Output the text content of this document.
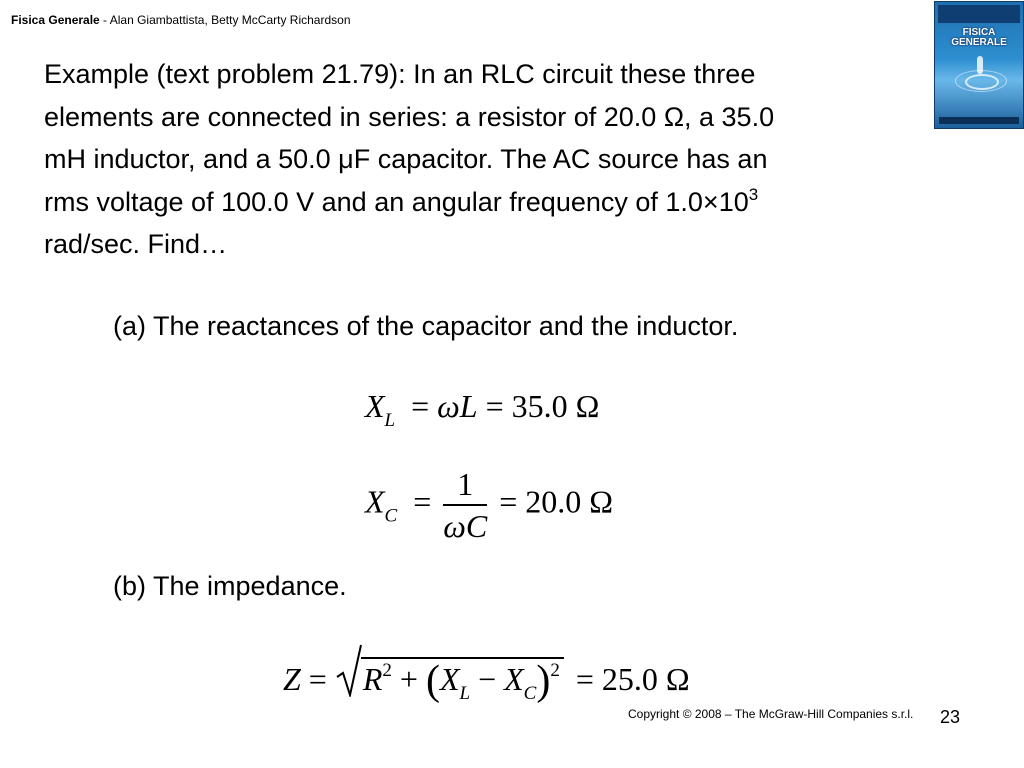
Fisica Generale - Alan Giambattista, Betty McCarty Richardson
FISICA
GENERALE
Example (text problem 21.79): In an RLC circuit these three
elements are connected in series: a resistor of 20.0 Ω, a 35.0
mH inductor, and a 50.0 μF capacitor. The AC source has an
rms voltage of 100.0 V and an angular frequency of $1.0\times 10^3$
rad/sec. Find…
(a) The reactances of the capacitor and the inductor.
$X_L = \omega L = 35.0$ Ω
$X_C = \frac{1}{\omega C} = 20.0$ Ω
(b) The impedance.
Z =
$R^2 + (X_L - X_C)^2 = 25.0$ Ω
Copyright © 2008 – The McGraw-Hill Companies s.r.l. 23
